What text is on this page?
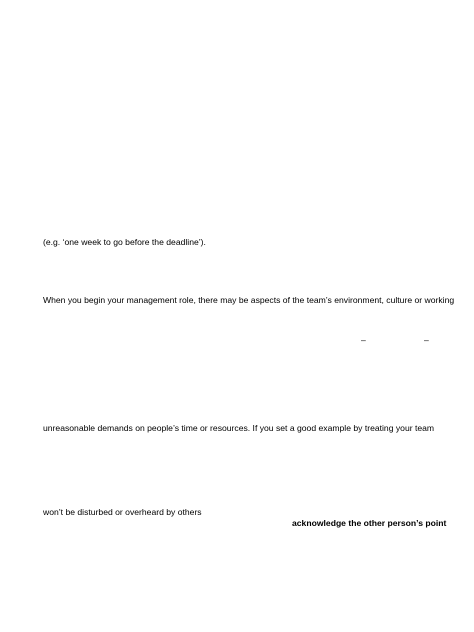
(e.g. ‘one week to go before the deadline’).

When you begin your management role, there may be aspects of the team’s environment, culture or working

–	–

unreasonable demands on people’s time or resources. If you set a good example by treating your team

won’t be disturbed or overheard by others

acknowledge the other person’s point
